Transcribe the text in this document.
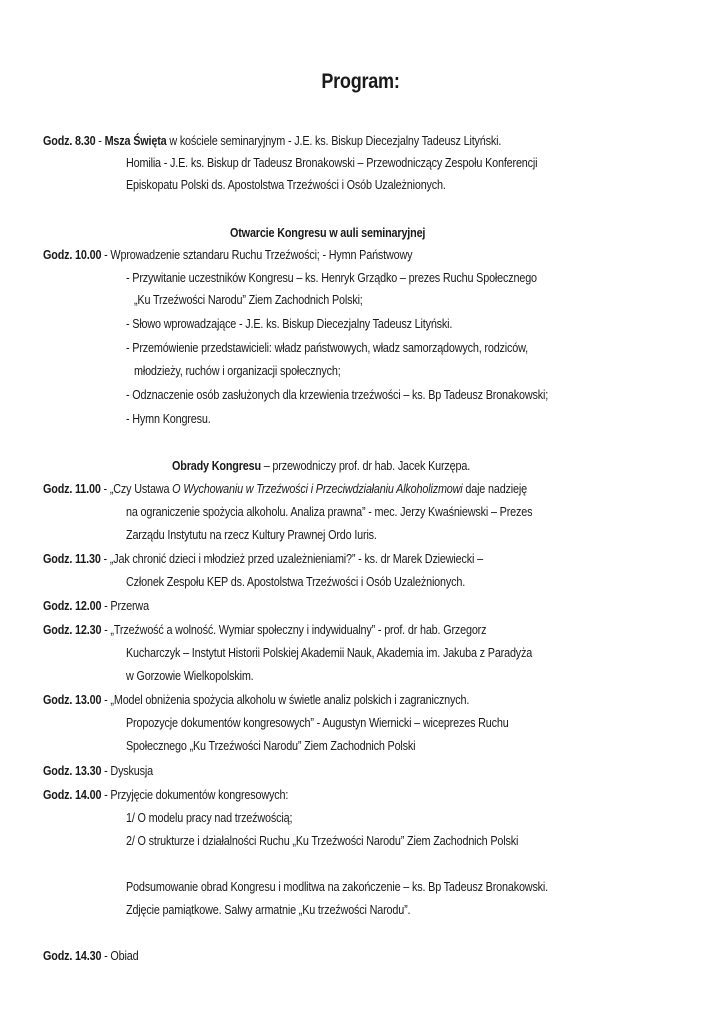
Program:
Godz. 8.30 - Msza Święta w kościele seminaryjnym - J.E. ks. Biskup Diecezjalny Tadeusz Lityński.
Homilia - J.E. ks. Biskup dr Tadeusz Bronakowski – Przewodniczący Zespołu Konferencji
Episkopatu Polski ds. Apostolstwa Trzeźwości i Osób Uzależnionych.
Otwarcie Kongresu w auli seminaryjnej
Godz. 10.00 - Wprowadzenie sztandaru Ruchu Trzeźwości; - Hymn Państwowy
- Przywitanie uczestników Kongresu – ks. Henryk Grządko – prezes Ruchu Społecznego
„Ku Trzeźwości Narodu” Ziem Zachodnich Polski;
- Słowo wprowadzające - J.E. ks. Biskup Diecezjalny Tadeusz Lityński.
- Przemówienie przedstawicieli: władz państwowych, władz samorządowych, rodziców,
młodzieży, ruchów i organizacji społecznych;
- Odznaczenie osób zasłużonych dla krzewienia trzeźwości – ks. Bp Tadeusz Bronakowski;
- Hymn Kongresu.
Obrady Kongresu – przewodniczy prof. dr hab. Jacek Kurzępa.
Godz. 11.00 - „Czy Ustawa O Wychowaniu w Trzeźwości i Przeciwdziałaniu Alkoholizmowi daje nadzieję
na ograniczenie spożycia alkoholu. Analiza prawna” - mec. Jerzy Kwaśniewski – Prezes
Zarządu Instytutu na rzecz Kultury Prawnej Ordo Iuris.
Godz. 11.30 - „Jak chronić dzieci i młodzież przed uzależnieniami?” - ks. dr Marek Dziewiecki –
Członek Zespołu KEP ds. Apostolstwa Trzeźwości i Osób Uzależnionych.
Godz. 12.00 - Przerwa
Godz. 12.30 - „Trzeźwość a wolność. Wymiar społeczny i indywidualny” - prof. dr hab. Grzegorz
Kucharczyk – Instytut Historii Polskiej Akademii Nauk, Akademia im. Jakuba z Paradyża
w Gorzowie Wielkopolskim.
Godz. 13.00 - „Model obniżenia spożycia alkoholu w świetle analiz polskich i zagranicznych.
Propozycje dokumentów kongresowych” - Augustyn Wiernicki – wiceprezes Ruchu
Społecznego „Ku Trzeźwości Narodu” Ziem Zachodnich Polski
Godz. 13.30 - Dyskusja
Godz. 14.00 - Przyjęcie dokumentów kongresowych:
1/ O modelu pracy nad trzeźwością;
2/ O strukturze i działalności Ruchu „Ku Trzeźwości Narodu” Ziem Zachodnich Polski
Podsumowanie obrad Kongresu i modlitwa na zakończenie – ks. Bp Tadeusz Bronakowski.
Zdjęcie pamiątkowe. Salwy armatnie „Ku trzeźwości Narodu”.
Godz. 14.30 - Obiad
